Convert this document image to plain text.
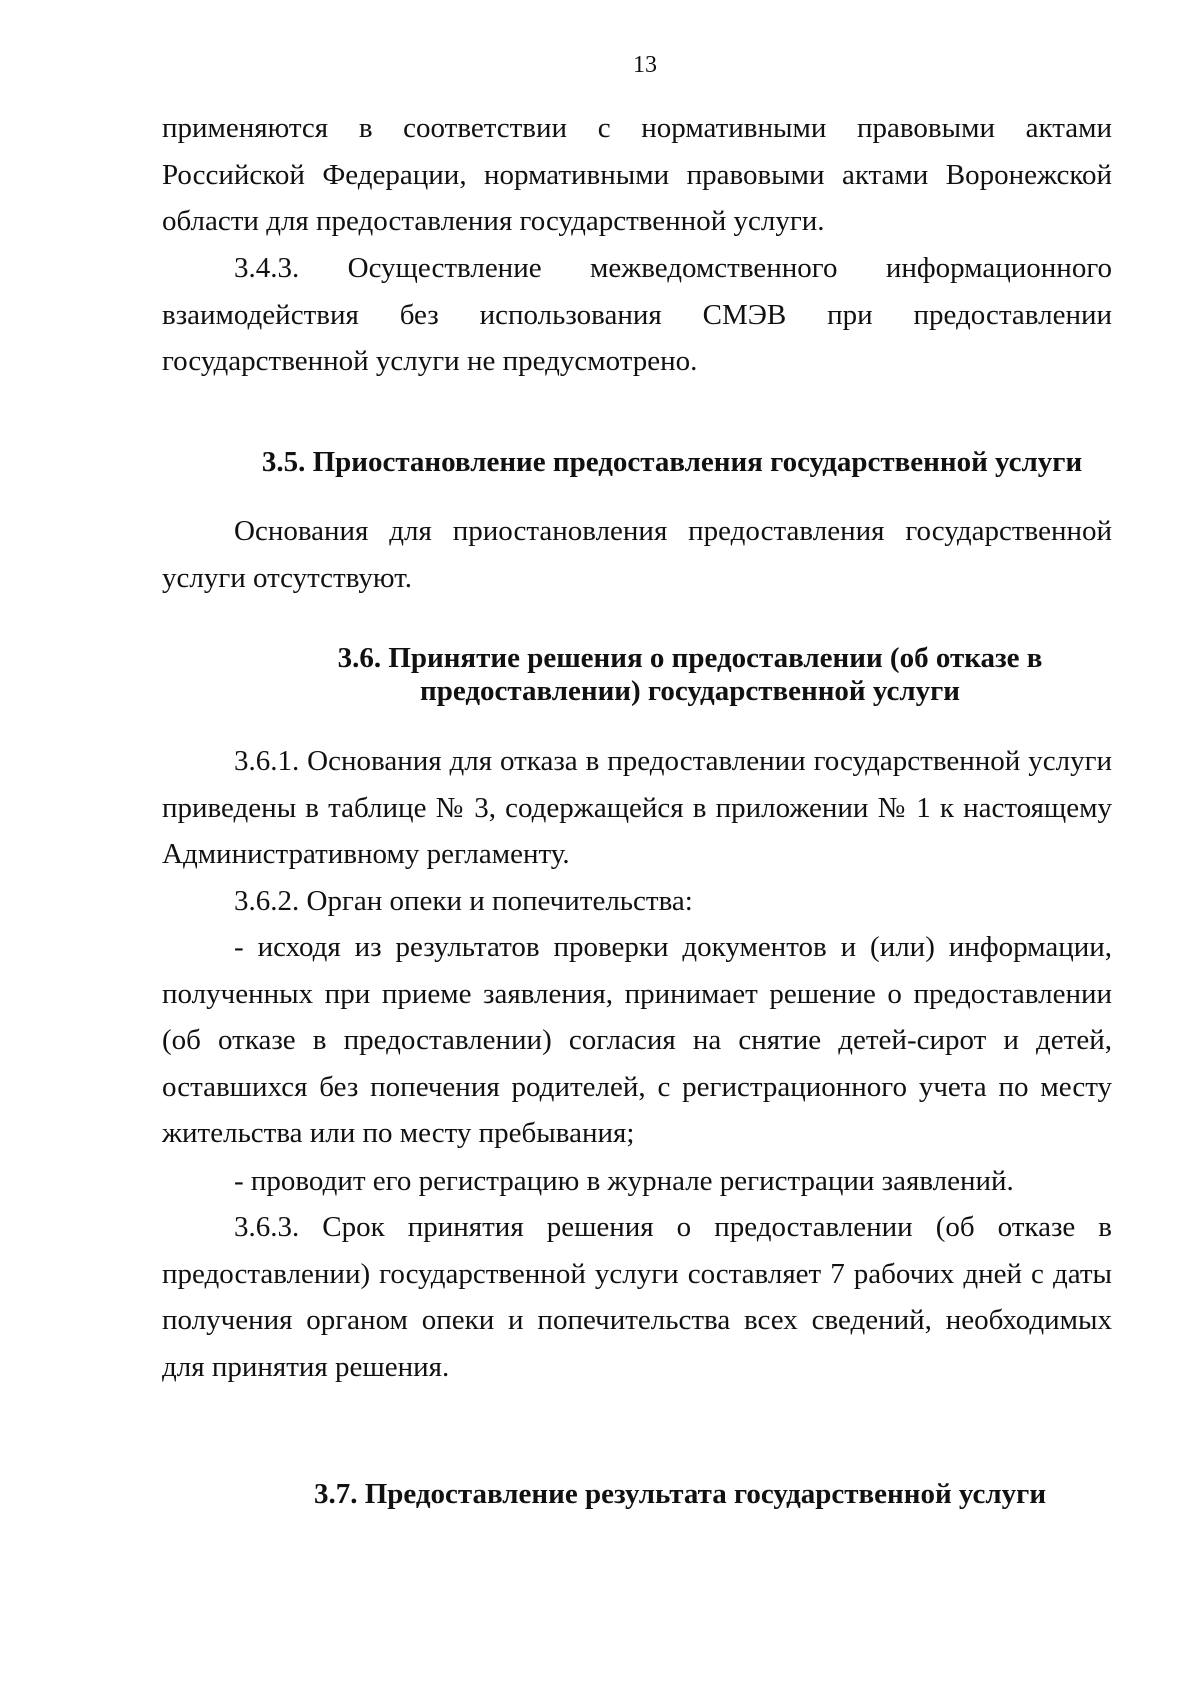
13

применяются в соответствии с нормативными правовыми актами Российской Федерации, нормативными правовыми актами Воронежской области для предоставления государственной услуги.

3.4.3. Осуществление межведомственного информационного взаимодействия без использования СМЭВ при предоставлении государственной услуги не предусмотрено.

3.5. Приостановление предоставления государственной услуги

Основания для приостановления предоставления государственной услуги отсутствуют.

3.6. Принятие решения о предоставлении (об отказе в
предоставлении) государственной услуги

3.6.1. Основания для отказа в предоставлении государственной услуги приведены в таблице № 3, содержащейся в приложении № 1 к настоящему Административному регламенту.

3.6.2. Орган опеки и попечительства:

- исходя из результатов проверки документов и (или) информации, полученных при приеме заявления, принимает решение о предоставлении (об отказе в предоставлении) согласия на снятие детей-сирот и детей, оставшихся без попечения родителей, с регистрационного учета по месту жительства или по месту пребывания;

- проводит его регистрацию в журнале регистрации заявлений.

3.6.3. Срок принятия решения о предоставлении (об отказе в предоставлении) государственной услуги составляет 7 рабочих дней с даты получения органом опеки и попечительства всех сведений, необходимых для принятия решения.

3.7. Предоставление результата государственной услуги
